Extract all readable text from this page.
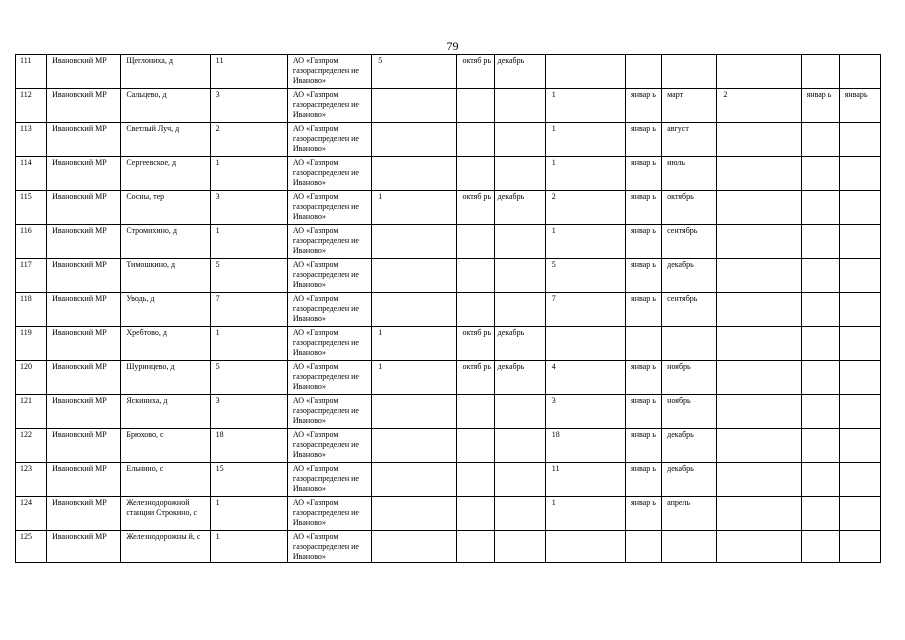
79
111	Ивановский МР	Щеглониха, д	11	АО «Газпром газораспределен ие Иваново»	5	октяб рь	декабрь						
112	Ивановский МР	Сальцево, д	3	АО «Газпром газораспределен ие Иваново»				1	январ ь	март	2	январ ь	январь
113	Ивановский МР	Светлый Луч, д	2	АО «Газпром газораспределен ие Иваново»				1	январ ь	август			
114	Ивановский МР	Сергеевское, д	1	АО «Газпром газораспределен ие Иваново»				1	январ ь	июль			
115	Ивановский МР	Сосны, тер	3	АО «Газпром газораспределен ие Иваново»	1	октяб рь	декабрь	2	январ ь	октябрь			
116	Ивановский МР	Стромихино, д	1	АО «Газпром газораспределен ие Иваново»				1	январ ь	сентябрь			
117	Ивановский МР	Тимошкино, д	5	АО «Газпром газораспределен ие Иваново»				5	январ ь	декабрь			
118	Ивановский МР	Уводь, д	7	АО «Газпром газораспределен ие Иваново»				7	январ ь	сентябрь			
119	Ивановский МР	Хребтово, д	1	АО «Газпром газораспределен ие Иваново»	1	октяб рь	декабрь						
120	Ивановский МР	Шуринцево, д	5	АО «Газпром газораспределен ие Иваново»	1	октяб рь	декабрь	4	январ ь	ноябрь			
121	Ивановский МР	Яскиниха, д	3	АО «Газпром газораспределен ие Иваново»				3	январ ь	ноябрь			
122	Ивановский МР	Брюхово, с	18	АО «Газпром газораспределен ие Иваново»				18	январ ь	декабрь			
123	Ивановский МР	Ельнино, с	15	АО «Газпром газораспределен ие Иваново»				11	январ ь	декабрь			
124	Ивановский МР	Железнодорожной станции Строкино, с	1	АО «Газпром газораспределен ие Иваново»				1	январ ь	апрель			
125	Ивановский МР	Железнодорожны й, с	1	АО «Газпром газораспределен ие Иваново»									
